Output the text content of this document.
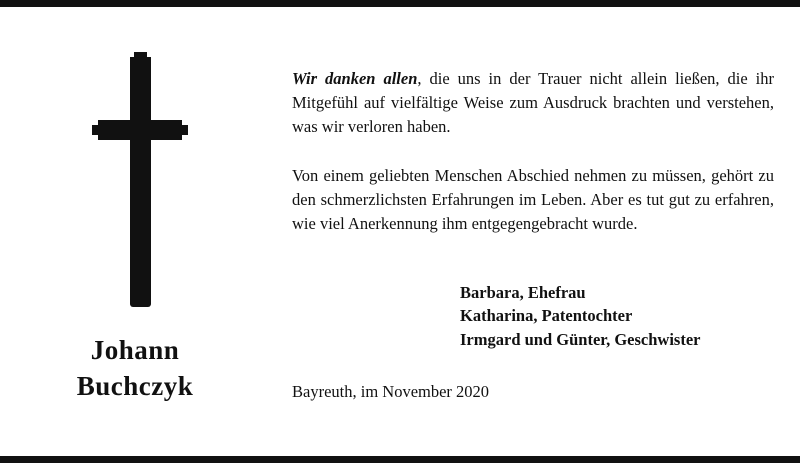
Johann
Buchczyk

Wir danken allen, die uns in der Trauer nicht allein ließen, die ihr Mitgefühl auf vielfältige Weise zum Ausdruck brachten und verstehen, was wir verloren haben.

Von einem geliebten Menschen Abschied nehmen zu müssen, gehört zu den schmerzlichsten Erfahrungen im Leben. Aber es tut gut zu erfahren, wie viel Anerkennung ihm entgegengebracht wurde.

Barbara, Ehefrau
Katharina, Patentochter
Irmgard und Günter, Geschwister
Bayreuth, im November 2020
